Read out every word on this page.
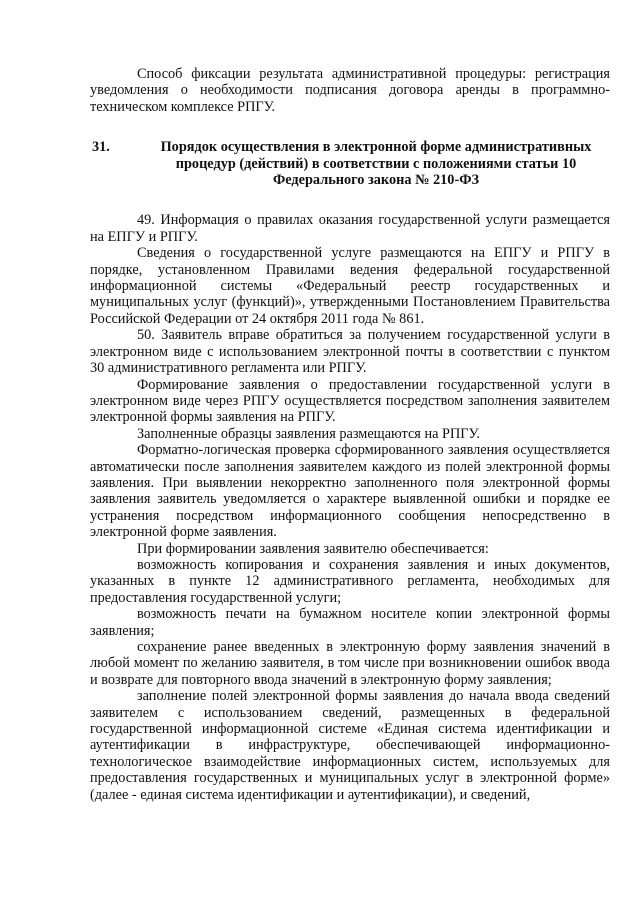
Способ фиксации результата административной процедуры: регистрация уведомления о необходимости подписания договора аренды в программно-техническом комплексе РПГУ.

31.	Порядок осуществления в электронной форме административных процедур (действий) в соответствии с положениями статьи 10 Федерального закона № 210-ФЗ

49. Информация о правилах оказания государственной услуги размещается на ЕПГУ и РПГУ.

Сведения о государственной услуге размещаются на ЕПГУ и РПГУ в порядке, установленном Правилами ведения федеральной государственной информационной системы «Федеральный реестр государственных и муниципальных услуг (функций)», утвержденными Постановлением Правительства Российской Федерации от 24 октября 2011 года № 861.

50. Заявитель вправе обратиться за получением государственной услуги в электронном виде с использованием электронной почты в соответствии с пунктом 30 административного регламента или РПГУ.

Формирование заявления о предоставлении государственной услуги в электронном виде через РПГУ осуществляется посредством заполнения заявителем электронной формы заявления на РПГУ.

Заполненные образцы заявления размещаются на РПГУ.

Форматно-логическая проверка сформированного заявления осуществляется автоматически после заполнения заявителем каждого из полей электронной формы заявления. При выявлении некорректно заполненного поля электронной формы заявления заявитель уведомляется о характере выявленной ошибки и порядке ее устранения посредством информационного сообщения непосредственно в электронной форме заявления.

При формировании заявления заявителю обеспечивается:

возможность копирования и сохранения заявления и иных документов, указанных в пункте 12 административного регламента, необходимых для предоставления государственной услуги;

возможность печати на бумажном носителе копии электронной формы заявления;

сохранение ранее введенных в электронную форму заявления значений в любой момент по желанию заявителя, в том числе при возникновении ошибок ввода и возврате для повторного ввода значений в электронную форму заявления;

заполнение полей электронной формы заявления до начала ввода сведений заявителем с использованием сведений, размещенных в федеральной государственной информационной системе «Единая система идентификации и аутентификации в инфраструктуре, обеспечивающей информационно-технологическое взаимодействие информационных систем, используемых для предоставления государственных и муниципальных услуг в электронной форме» (далее - единая система идентификации и аутентификации), и сведений,
